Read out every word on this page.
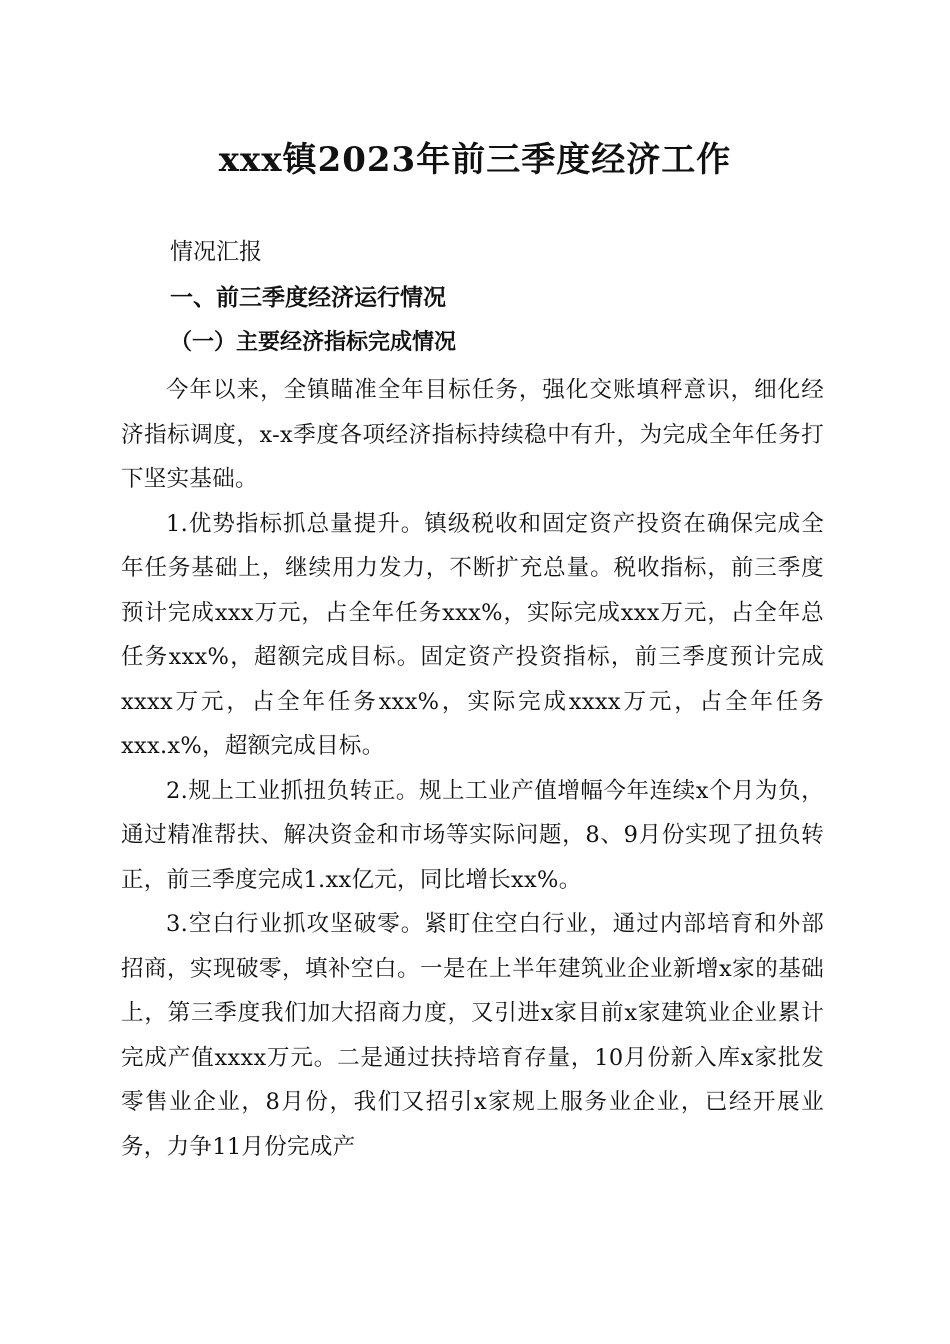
xxx镇2023年前三季度经济工作
情况汇报
一、前三季度经济运行情况
（一）主要经济指标完成情况

今年以来，全镇瞄准全年目标任务，强化交账填秤意识，细化经济指标调度，x-x季度各项经济指标持续稳中有升，为完成全年任务打下坚实基础。

1.优势指标抓总量提升。镇级税收和固定资产投资在确保完成全年任务基础上，继续用力发力，不断扩充总量。税收指标，前三季度预计完成xxx万元，占全年任务xxx%，实际完成xxx万元，占全年总任务xxx%，超额完成目标。固定资产投资指标，前三季度预计完成xxxx万元，占全年任务xxx%，实际完成xxxx万元，占全年任务xxx.x%，超额完成目标。

2.规上工业抓扭负转正。规上工业产值增幅今年连续x个月为负，通过精准帮扶、解决资金和市场等实际问题，8、9月份实现了扭负转正，前三季度完成1.xx亿元，同比增长xx%。

3.空白行业抓攻坚破零。紧盯住空白行业，通过内部培育和外部招商，实现破零，填补空白。一是在上半年建筑业企业新增x家的基础上，第三季度我们加大招商力度，又引进x家目前x家建筑业企业累计完成产值xxxx万元。二是通过扶持培育存量，10月份新入库x家批发零售业企业，8月份，我们又招引x家规上服务业企业，已经开展业务，力争11月份完成产
